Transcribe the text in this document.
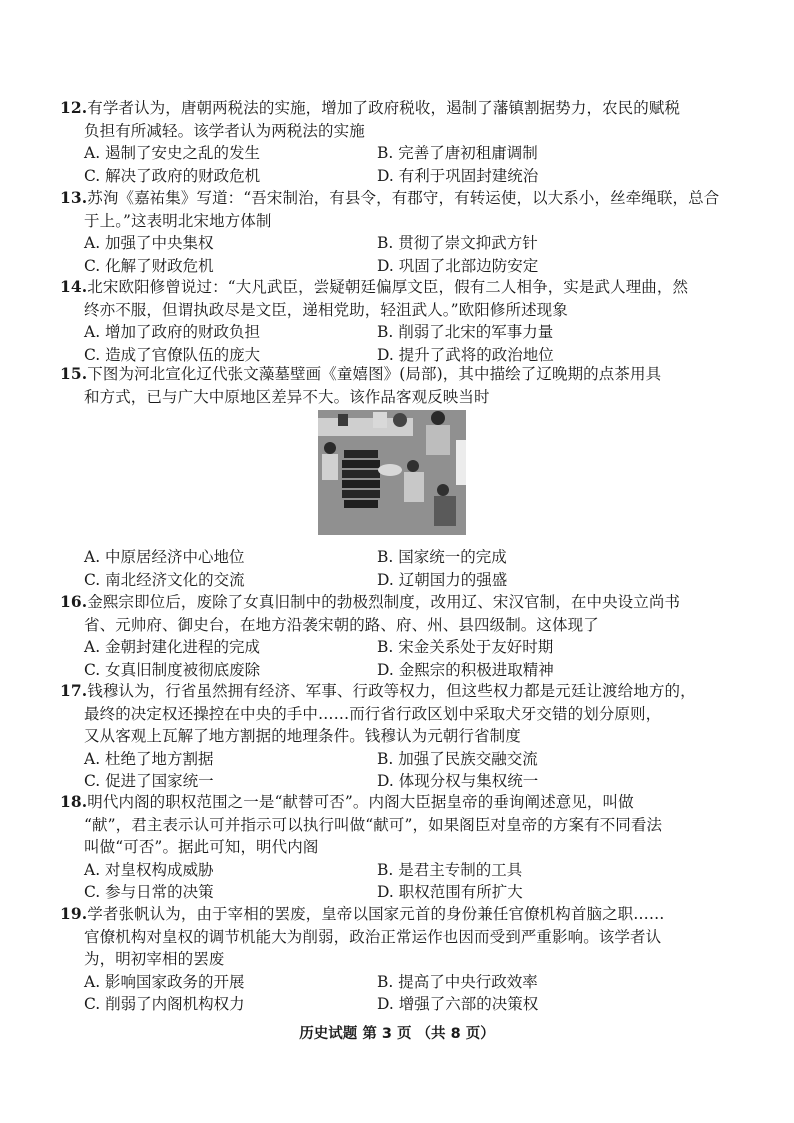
12.有学者认为，唐朝两税法的实施，增加了政府税收，遏制了藩镇割据势力，农民的赋税
负担有所减轻。该学者认为两税法的实施
A. 遏制了安史之乱的发生	B. 完善了唐初租庸调制
C. 解决了政府的财政危机	D. 有利于巩固封建统治
13.苏洵《嘉祐集》写道：“吾宋制治，有县令，有郡守，有转运使，以大系小，丝牵绳联，总合
于上。”这表明北宋地方体制
A. 加强了中央集权	B. 贯彻了崇文抑武方针
C. 化解了财政危机	D. 巩固了北部边防安定
14.北宋欧阳修曾说过：“大凡武臣，尝疑朝廷偏厚文臣，假有二人相争，实是武人理曲，然
终亦不服，但谓执政尽是文臣，递相党助，轻沮武人。”欧阳修所述现象
A. 增加了政府的财政负担	B. 削弱了北宋的军事力量
C. 造成了官僚队伍的庞大	D. 提升了武将的政治地位
15.下图为河北宣化辽代张文藻墓壁画《童嬉图》(局部)，其中描绘了辽晚期的点茶用具
和方式，已与广大中原地区差异不大。该作品客观反映当时
A. 中原居经济中心地位	B. 国家统一的完成
C. 南北经济文化的交流	D. 辽朝国力的强盛
16.金熙宗即位后，废除了女真旧制中的勃极烈制度，改用辽、宋汉官制，在中央设立尚书
省、元帅府、御史台，在地方沿袭宋朝的路、府、州、县四级制。这体现了
A. 金朝封建化进程的完成	B. 宋金关系处于友好时期
C. 女真旧制度被彻底废除	D. 金熙宗的积极进取精神
17.钱穆认为，行省虽然拥有经济、军事、行政等权力，但这些权力都是元廷让渡给地方的，
最终的决定权还操控在中央的手中……而行省行政区划中采取犬牙交错的划分原则，
又从客观上瓦解了地方割据的地理条件。钱穆认为元朝行省制度
A. 杜绝了地方割据	B. 加强了民族交融交流
C. 促进了国家统一	D. 体现分权与集权统一
18.明代内阁的职权范围之一是“献替可否”。内阁大臣据皇帝的垂询阐述意见，叫做
“献”，君主表示认可并指示可以执行叫做“献可”，如果阁臣对皇帝的方案有不同看法
叫做“可否”。据此可知，明代内阁
A. 对皇权构成威胁	B. 是君主专制的工具
C. 参与日常的决策	D. 职权范围有所扩大
19.学者张帆认为，由于宰相的罢废，皇帝以国家元首的身份兼任官僚机构首脑之职……
官僚机构对皇权的调节机能大为削弱，政治正常运作也因而受到严重影响。该学者认
为，明初宰相的罢废
A. 影响国家政务的开展	B. 提高了中央行政效率
C. 削弱了内阁机构权力	D. 增强了六部的决策权
历史试题 第 3 页 （共 8 页）
